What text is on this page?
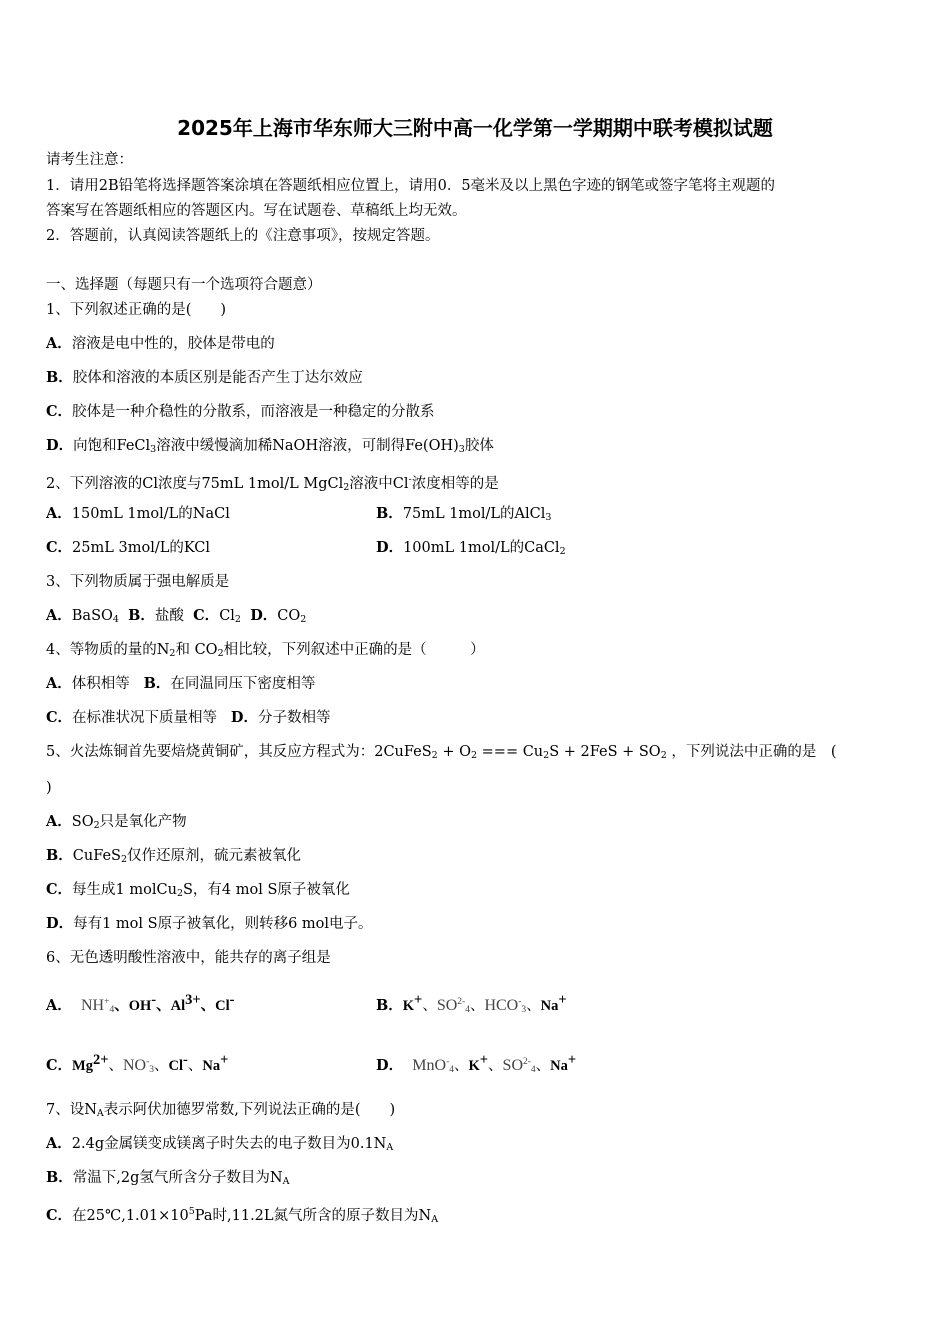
2025年上海市华东师大三附中高一化学第一学期期中联考模拟试题
请考生注意：
1．请用2B铅笔将选择题答案涂填在答题纸相应位置上，请用0．5毫米及以上黑色字迹的钢笔或签字笔将主观题的
答案写在答题纸相应的答题区内。写在试题卷、草稿纸上均无效。
2．答题前，认真阅读答题纸上的《注意事项》，按规定答题。
一、选择题（每题只有一个选项符合题意）
1、下列叙述正确的是(　　)
A．溶液是电中性的，胶体是带电的
B．胶体和溶液的本质区别是能否产生丁达尔效应
C．胶体是一种介稳性的分散系，而溶液是一种稳定的分散系
D．向饱和FeCl$_3$溶液中缓慢滴加稀NaOH溶液，可制得$Fe(OH)_3$胶体
2、下列溶液的Cl浓度与75mL 1mol/L MgCl$_2$溶液中Cl-浓度相等的是
A．150mL 1mol/L的NaCl	B．75mL 1mol/L的AlCl$_3$
C．25mL 3mol/L的KCl	D．100mL 1mol/L的CaCl$_2$
3、下列物质属于强电解质是
A．BaSO$_4$ B．盐酸 C．$Cl_2$ D．$CO_2$
4、等物质的量的$N_2$和 $CO_2$相比较，下列叙述中正确的是（　　　）
A．体积相等 B．在同温同压下密度相等
C．在标准状况下质量相等 D．分子数相等
5、火法炼铜首先要焙烧黄铜矿，其反应方程式为：2CuFeS$_2$ + $O_2$ === $Cu_2S + 2FeS + SO_2$ ，下列说法中正确的是　(
)
A．$SO_2$只是氧化产物
B．CuFeS$_2$仅作还原剂，硫元素被氧化
C．每生成1 molCu$_2$S，有4 mol S原子被氧化
D．每有1 mol S原子被氧化，则转移6 mol电子。
6、无色透明酸性溶液中，能共存的离子组是
A． $NH^+_4$、OH-、$Al^{3+}$、Cl-	B．K+、$SO^{2-}_4$、$HCO^-_3$、Na+
C．$Mg^{2+}$、$NO^-_3$、Cl-、Na+	D． MnO-$_4$、K+、$SO^{2-}_4$、Na+
7、设$N_A$表示阿伏加德罗常数,下列说法正确的是(　　)
A．2.4g金属镁变成镁离子时失去的电子数目为$0.1N_A$
B．常温下,2g氢气所含分子数目为$N_A$
C．在$25℃,1.01\times 10^5Pa$时,11.2L氮气所含的原子数目为$N_A$
